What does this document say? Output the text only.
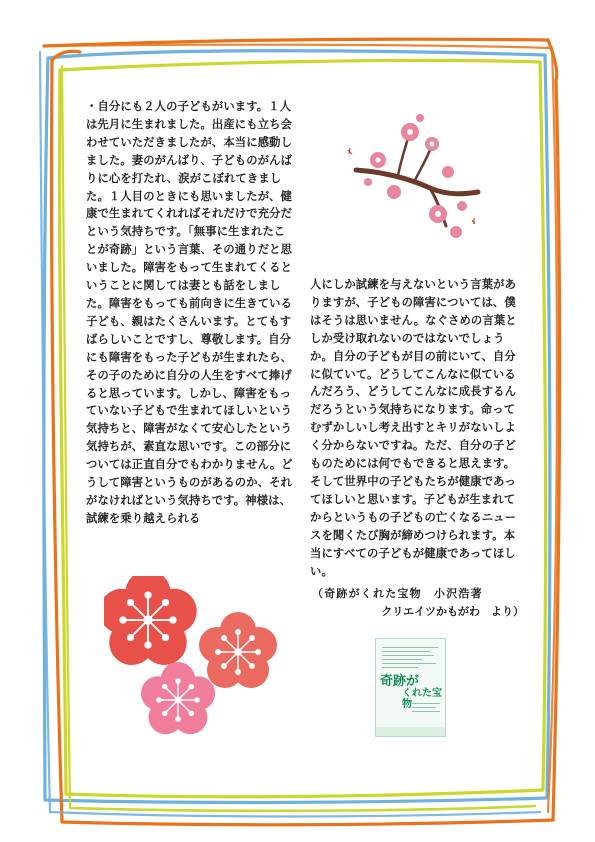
・自分にも２人の子どもがいます。１人は先月に生まれました。出産にも立ち会わせていただきましたが、本当に感動しました。妻のがんばり、子どものがんばりに心を打たれ、涙がこぼれてきました。１人目のときにも思いましたが、健康で生まれてくれればそれだけで充分だという気持ちです。「無事に生まれたことが奇跡」という言葉、その通りだと思いました。障害をもって生まれてくるということに関しては妻とも話をしました。障害をもっても前向きに生きている子ども、親はたくさんいます。とてもすばらしいことですし、尊敬します。自分にも障害をもった子どもが生まれたら、その子のために自分の人生をすべて捧げると思っています。しかし、障害をもっていない子どもで生まれてほしいという気持ちと、障害がなくて安心したという気持ちが、素直な思いです。この部分については正直自分でもわかりません。どうして障害というものがあるのか、それがなければという気持ちです。神様は、試練を乗り越えられる

人にしか試練を与えないという言葉がありますが、子どもの障害については、僕はそうは思いません。なぐさめの言葉としか受け取れないのではないでしょうか。自分の子どもが目の前にいて、自分に似ていて。どうしてこんなに似ているんだろう、どうしてこんなに成長するんだろうという気持ちになります。命ってむずかしいし考え出すとキリがないしよく分からないですね。ただ、自分の子どものためには何でもできると思えます。そして世界中の子どもたちが健康であってほしいと思います。子どもが生まれてからというもの子どもの亡くなるニュースを聞くたび胸が締めつけられます。本当にすべての子どもが健康であってほしい。

（奇跡がくれた宝物　小沢浩著
クリエイツかもがわ　より）
奇跡が
くれた宝物
